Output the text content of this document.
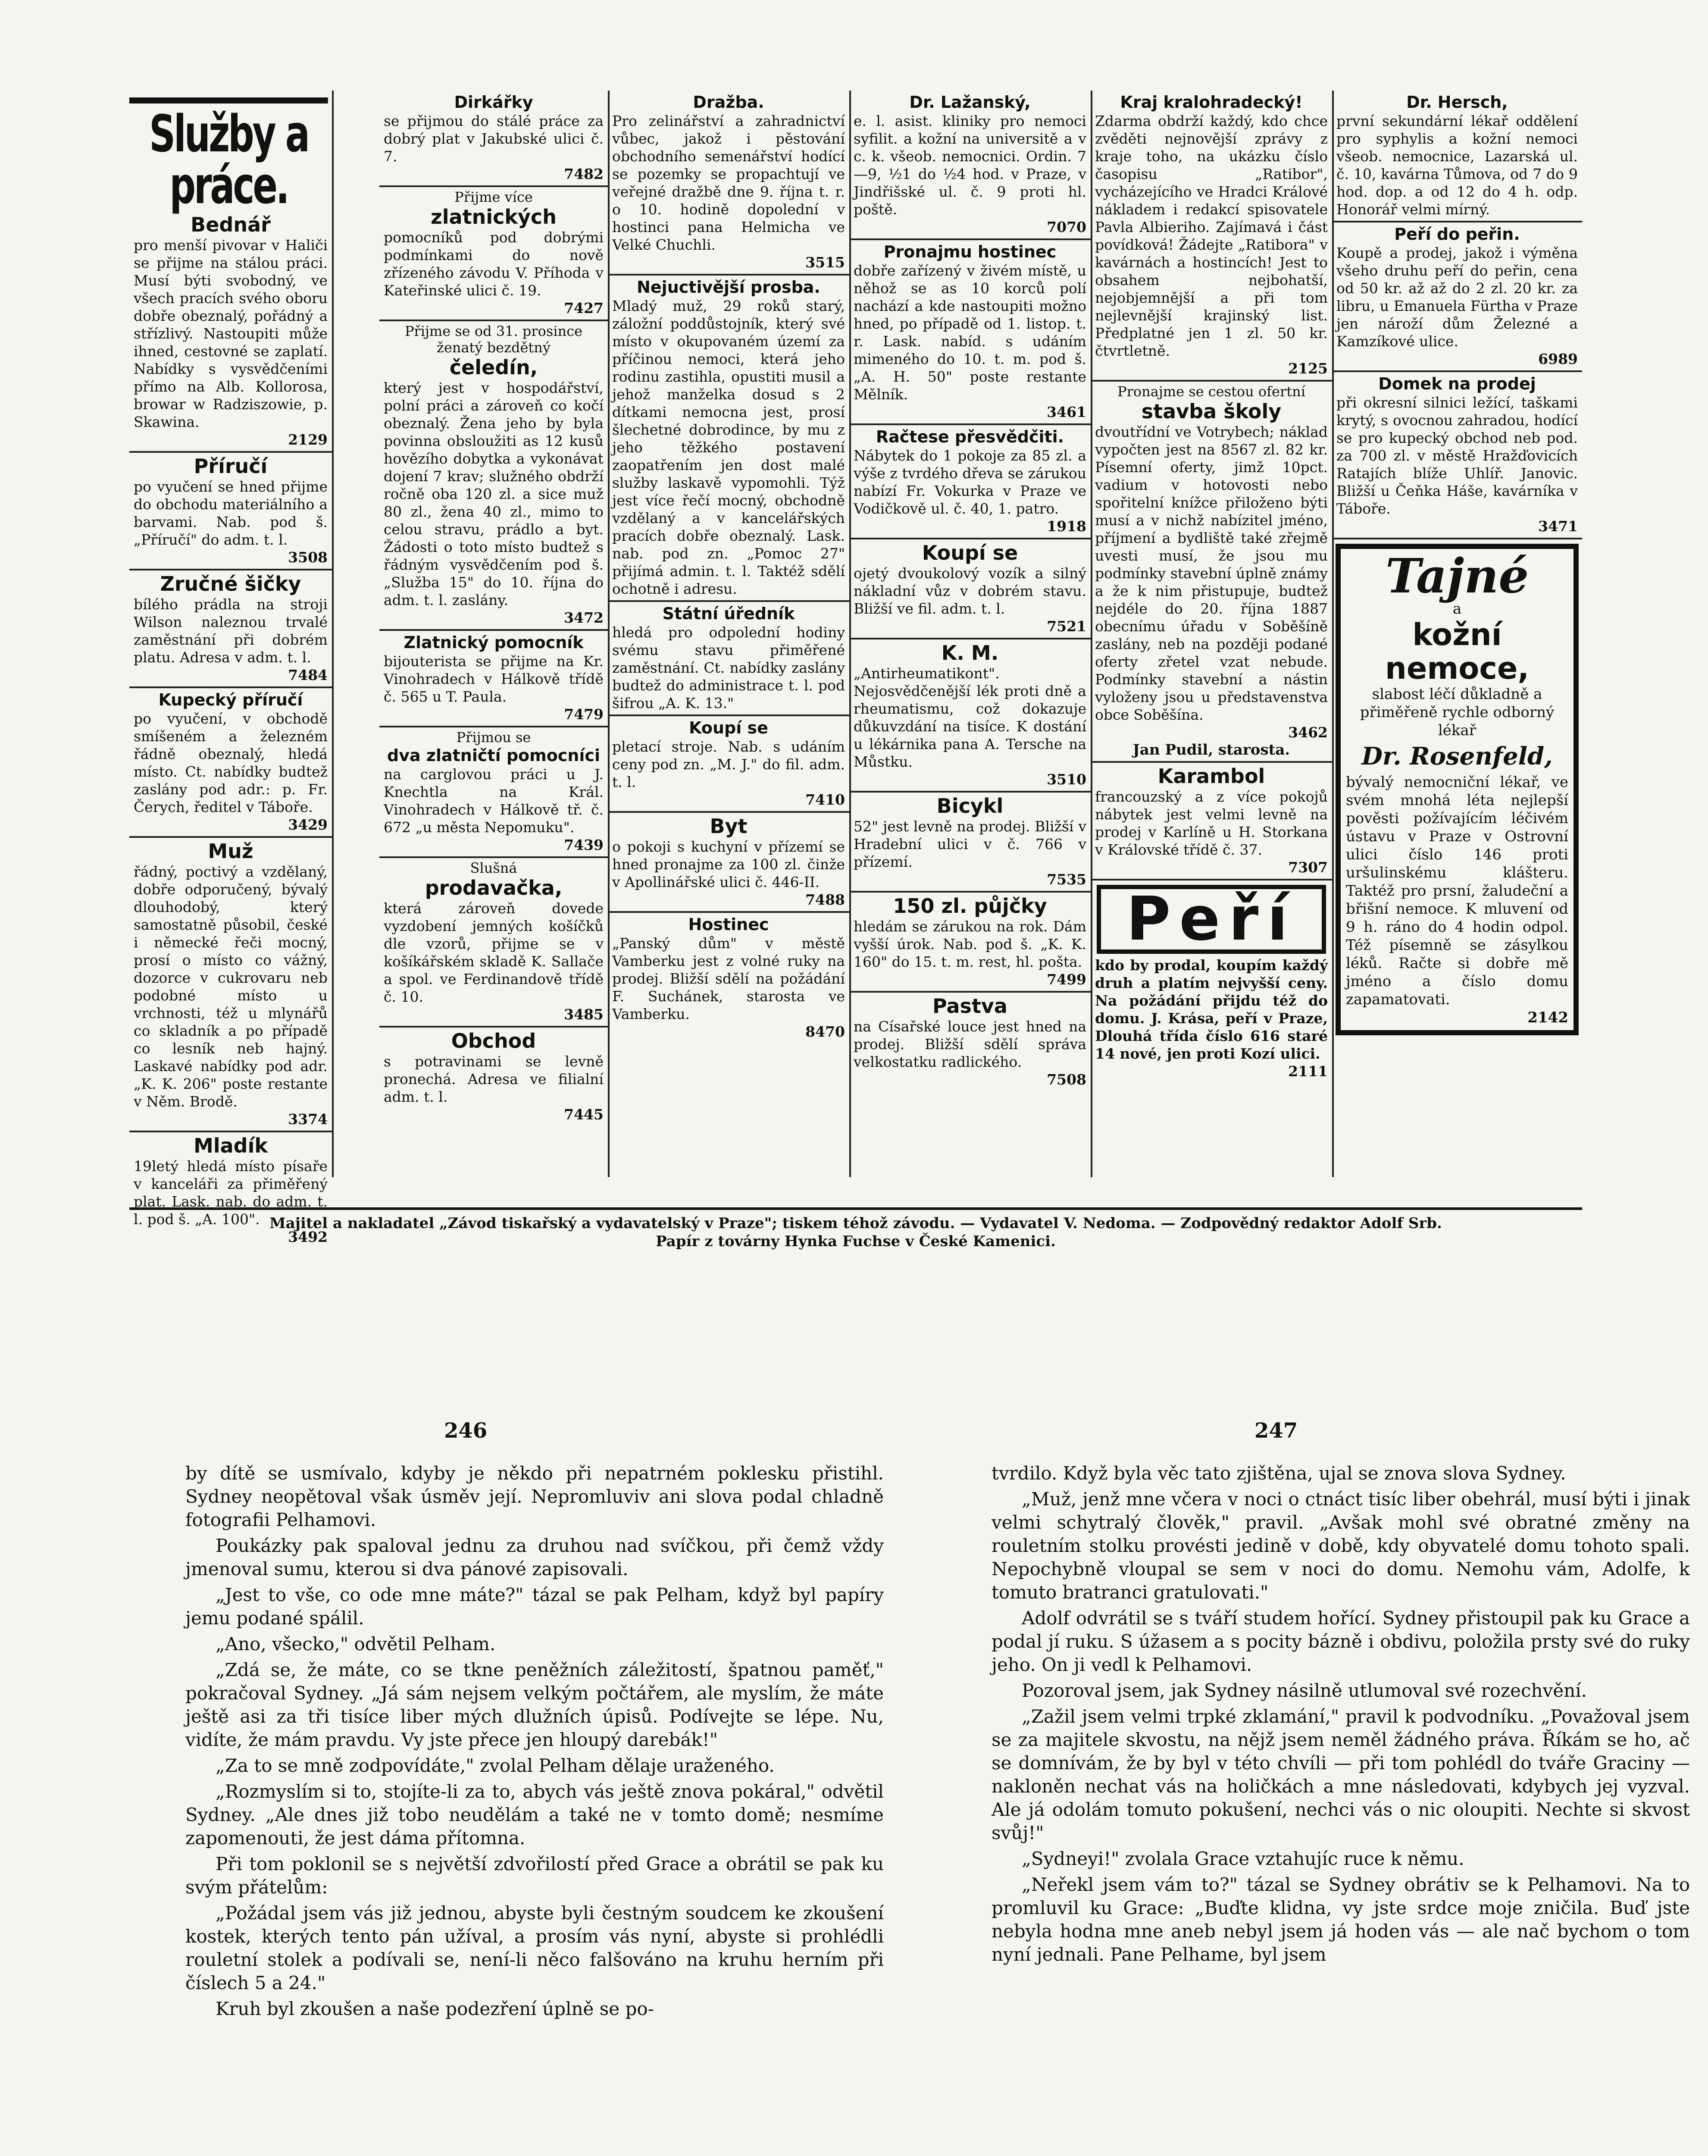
Služby a práce.
Bednář
pro menší pivovar v Haliči se přijme na stálou práci. Musí býti svobodný, ve všech pracích svého oboru dobře obeznalý, pořádný a střízlivý. Nastoupiti může ihned, cestovné se zaplatí. Nabídky s vysvědčeními přímo na Alb. Kollorosa, browar w Radziszowie, p. Skawina.
2129
Příručí
po vyučení se hned přijme do obchodu materiálního a barvami. Nab. pod š. „Příručí" do adm. t. l.
3508
Zručné šičky
bílého prádla na stroji Wilson naleznou trvalé zaměstnání při dobrém platu. Adresa v adm. t. l.
7484
Kupecký příručí
po vyučení, v obchodě smíšeném a železném řádně obeznalý, hledá místo. Ct. nabídky budtež zaslány pod adr.: p. Fr. Čerych, ředitel v Táboře.
3429
Muž
řádný, poctivý a vzdělaný, dobře odporučený, bývalý dlouhodobý, který samostatně působil, české i německé řeči mocný, prosí o místo co vážný, dozorce v cukrovaru neb podobné místo u vrchnosti, též u mlynářů co skladník a po případě co lesník neb hajný. Laskavé nabídky pod adr. „K. K. 206" poste restante v Něm. Brodě.
3374
Mladík
19letý hledá místo písaře v kanceláři za přiměřený plat. Lask. nab. do adm. t. l. pod š. „A. 100".
3492
Dirkářky
se přijmou do stálé práce za dobrý plat v Jakubské ulici č. 7.
7482
Přijme více
zlatnických
pomocníků pod dobrými podmínkami do nově zřízeného závodu V. Příhoda v Kateřinské ulici č. 19.
7427
Přijme se od 31. prosince ženatý bezdětný
čeledín,
který jest v hospodářství, polní práci a zároveň co kočí obeznalý. Žena jeho by byla povinna obsloužiti as 12 kusů hovězího dobytka a vykonávat dojení 7 krav; služného obdrží ročně oba 120 zl. a sice muž 80 zl., žena 40 zl., mimo to celou stravu, prádlo a byt. Žádosti o toto místo budtež s řádným vysvědčením pod š. „Služba 15" do 10. října do adm. t. l. zaslány.
3472
Zlatnický pomocník
bijouterista se přijme na Kr. Vinohradech v Hálkově třídě č. 565 u T. Paula.
7479
Přijmou se
dva zlatničtí pomocníci
na carglovou práci u J. Knechtla na Král. Vinohradech v Hálkově tř. č. 672 „u města Nepomuku".
7439
Slušná
prodavačka,
která zároveň dovede vyzdobení jemných košíčků dle vzorů, přijme se v košíkářském skladě K. Sallače a spol. ve Ferdinandově třídě č. 10.
3485
Obchod
s potravinami se levně pronechá. Adresa ve filialní adm. t. l.
7445
Dražba.
Pro zelinářství a zahradnictví vůbec, jakož i pěstování obchodního semenářství hodící se pozemky se propachtují ve veřejné dražbě dne 9. října t. r. o 10. hodině dopolední v hostinci pana Helmicha ve Velké Chuchli.
3515
Nejuctivější prosba.
Mladý muž, 29 roků starý, záložní poddůstojník, který své místo v okupovaném území za příčinou nemoci, která jeho rodinu zastihla, opustiti musil a jehož manželka dosud s 2 dítkami nemocna jest, prosí šlechetné dobrodince, by mu z jeho těžkého postavení zaopatřením jen dost malé služby laskavě vypomohli. Týž jest více řečí mocný, obchodně vzdělaný a v kancelářských pracích dobře obeznalý. Lask. nab. pod zn. „Pomoc 27" přijímá admin. t. l. Taktéž sdělí ochotně i adresu.
Státní úředník
hledá pro odpolední hodiny svému stavu přiměřené zaměstnání. Ct. nabídky zaslány budtež do administrace t. l. pod šifrou „A. K. 13."
Koupí se
pletací stroje. Nab. s udáním ceny pod zn. „M. J." do fil. adm. t. l.
7410
Byt
o pokoji s kuchyní v přízemí se hned pronajme za 100 zl. činže v Apollinářské ulici č. 446-II.
7488
Hostinec
„Panský dům" v městě Vamberku jest z volné ruky na prodej. Bližší sdělí na požádání F. Suchánek, starosta ve Vamberku.
8470
Dr. Lažanský,
e. l. asist. kliniky pro nemoci syfilit. a kožní na universitě a v c. k. všeob. nemocnici. Ordin. 7—9, ½1 do ½4 hod. v Praze, v Jindřišské ul. č. 9 proti hl. poště.
7070
Pronajmu hostinec
dobře zařízený v živém místě, u něhož se as 10 korců polí nachází a kde nastoupiti možno hned, po případě od 1. listop. t. r. Lask. nabíd. s udáním mimeného do 10. t. m. pod š. „A. H. 50" poste restante Mělník.
3461
Račtese přesvědčiti.
Nábytek do 1 pokoje za 85 zl. a výše z tvrdého dřeva se zárukou nabízí Fr. Vokurka v Praze ve Vodičkově ul. č. 40, 1. patro.
1918
Koupí se
ojetý dvoukolový vozík a silný nákladní vůz v dobrém stavu. Bližší ve fil. adm. t. l.
7521
K. M.
„Antirheumatikont". Nejosvědčenější lék proti dně a rheumatismu, což dokazuje důkuvzdání na tisíce. K dostání u lékárnika pana A. Tersche na Můstku.
3510
Bicykl
52" jest levně na prodej. Bližší v Hradební ulici v č. 766 v přízemí.
7535
150 zl. půjčky
hledám se zárukou na rok. Dám vyšší úrok. Nab. pod š. „K. K. 160" do 15. t. m. rest, hl. pošta.
7499
Pastva
na Císařské louce jest hned na prodej. Bližší sdělí správa velkostatku radlického.
7508
Kraj kralohradecký!
Zdarma obdrží každý, kdo chce zvěděti nejnovější zprávy z kraje toho, na ukázku číslo časopisu „Ratibor", vycházejícího ve Hradci Králové nákladem i redakcí spisovatele Pavla Albieriho. Zajímavá i část povídková! Žádejte „Ratibora" v kavárnách a hostincích! Jest to obsahem nejbohatší, nejobjemnější a při tom nejlevnější krajinský list. Předplatné jen 1 zl. 50 kr. čtvrtletně.
2125
Pronajme se cestou ofertní
stavba školy
dvoutřídní ve Votrybech; náklad vypočten jest na 8567 zl. 82 kr. Písemní oferty, jimž 10pct. vadium v hotovosti nebo spořitelní knížce přiloženo býti musí a v nichž nabízitel jméno, příjmení a bydliště také zřejmě uvesti musí, že jsou mu podmínky stavební úplně známy a že k nim přistupuje, budtež nejdéle do 20. října 1887 obecnímu úřadu v Soběšíně zaslány, neb na později podané oferty zřetel vzat nebude. Podmínky stavební a nástin vyloženy jsou u představenstva obce Soběšína.
3462
Jan Pudil, starosta.
Karambol
francouzský a z více pokojů nábytek jest velmi levně na prodej v Karlíně u H. Storkana v Královské třídě č. 37.
7307
Peří
kdo by prodal, koupím každý druh a platím nejvyšší ceny. Na požádání přijdu též do domu. J. Krása, peří v Praze, Dlouhá třída číslo 616 staré 14 nové, jen proti Kozí ulici.
2111
Dr. Hersch,
první sekundární lékař oddělení pro syphylis a kožní nemoci všeob. nemocnice, Lazarská ul. č. 10, kavárna Tůmova, od 7 do 9 hod. dop. a od 12 do 4 h. odp. Honorář velmi mírný.
Peří do peřin.
Koupě a prodej, jakož i výměna všeho druhu peří do peřin, cena od 50 kr. až až do 2 zl. 20 kr. za libru, u Emanuela Fürtha v Praze jen nároží dům Železné a Kamzíkové ulice.
6989
Domek na prodej
při okresní silnici ležící, taškami krytý, s ovocnou zahradou, hodící se pro kupecký obchod neb pod. za 700 zl. v městě Hražďovicích Ratajích blíže Uhlíř. Janovic. Bližší u Čeňka Háše, kavárníka v Táboře.
3471
Tajné
a
kožní nemoce,
slabost léčí důkladně a přiměřeně rychle odborný lékař
Dr. Rosenfeld,
bývalý nemocniční lékař, ve svém mnohá léta nejlepší pověsti požívajícím léčivém ústavu v Praze v Ostrovní ulici číslo 146 proti uršulinskému klášteru. Taktéž pro prsní, žaludeční a břišní nemoce. K mluvení od 9 h. ráno do 4 hodin odpol. Též písemně se zásylkou léků. Račte si dobře mě jméno a číslo domu zapamatovati.
2142
Majitel a nakladatel „Závod tiskařský a vydavatelský v Praze"; tiskem téhož závodu. — Vydavatel V. Nedoma. — Zodpovědný redaktor Adolf Srb.
Papír z továrny Hynka Fuchse v České Kamenici.
246	247

by dítě se usmívalo, kdyby je někdo při nepatrném poklesku přistihl. Sydney neopětoval však úsměv její. Nepromluviv ani slova podal chladně fotografii Pelhamovi.

Poukázky pak spaloval jednu za druhou nad svíčkou, při čemž vždy jmenoval sumu, kterou si dva pánové zapisovali.

„Jest to vše, co ode mne máte?" tázal se pak Pelham, když byl papíry jemu podané spálil.

„Ano, všecko," odvětil Pelham.

„Zdá se, že máte, co se tkne peněžních záležitostí, špatnou paměť," pokračoval Sydney. „Já sám nejsem velkým počtářem, ale myslím, že máte ještě asi za tři tisíce liber mých dlužních úpisů. Podívejte se lépe. Nu, vidíte, že mám pravdu. Vy jste přece jen hloupý darebák!"

„Za to se mně zodpovídáte," zvolal Pelham dělaje uraženého.

„Rozmyslím si to, stojíte-li za to, abych vás ještě znova pokáral," odvětil Sydney. „Ale dnes již tobo neudělám a také ne v tomto domě; nesmíme zapomenouti, že jest dáma přítomna.

Při tom poklonil se s největší zdvořilostí před Grace a obrátil se pak ku svým přátelům:

„Požádal jsem vás již jednou, abyste byli čestným soudcem ke zkoušení kostek, kterých tento pán užíval, a prosím vás nyní, abyste si prohlédli rouletní stolek a podívali se, není-li něco falšováno na kruhu herním při číslech 5 a 24."

Kruh byl zkoušen a naše podezření úplně se po-

tvrdilo. Když byla věc tato zjištěna, ujal se znova slova Sydney.

„Muž, jenž mne včera v noci o ctnáct tisíc liber obehrál, musí býti i jinak velmi schytralý člověk," pravil. „Avšak mohl své obratné změny na rouletním stolku provésti jedině v době, kdy obyvatelé domu tohoto spali. Nepochybně vloupal se sem v noci do domu. Nemohu vám, Adolfe, k tomuto bratranci gratulovati."

Adolf odvrátil se s tváří studem hořící. Sydney přistoupil pak ku Grace a podal jí ruku. S úžasem a s pocity bázně i obdivu, položila prsty své do ruky jeho. On ji vedl k Pelhamovi.

Pozoroval jsem, jak Sydney násilně utlumoval své rozechvění.

„Zažil jsem velmi trpké zklamání," pravil k podvodníku. „Považoval jsem se za majitele skvostu, na nějž jsem neměl žádného práva. Říkám se ho, ač se domnívám, že by byl v této chvíli — při tom pohlédl do tváře Graciny — nakloněn nechat vás na holičkách a mne následovati, kdybych jej vyzval. Ale já odolám tomuto pokušení, nechci vás o nic oloupiti. Nechte si skvost svůj!"

„Sydneyi!" zvolala Grace vztahujíc ruce k němu.

„Neřekl jsem vám to?" tázal se Sydney obrátiv se k Pelhamovi. Na to promluvil ku Grace: „Buďte klidna, vy jste srdce moje zničila. Buď jste nebyla hodna mne aneb nebyl jsem já hoden vás — ale nač bychom o tom nyní jednali. Pane Pelhame, byl jsem
